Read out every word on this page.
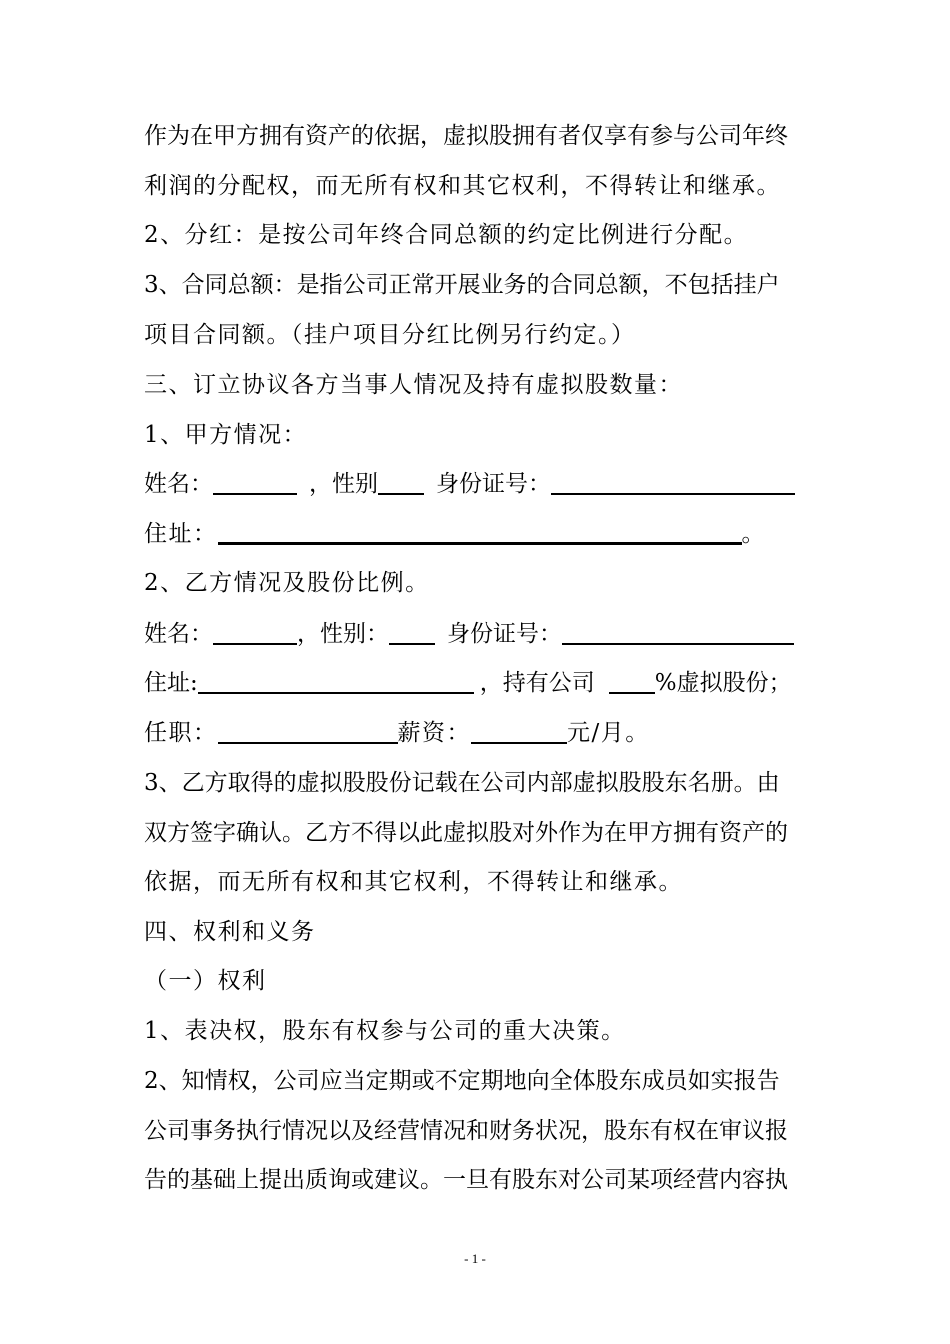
作为在甲方拥有资产的依据，虚拟股拥有者仅享有参与公司年终
利润的分配权，而无所有权和其它权利，不得转让和继承。
2、分红：是按公司年终合同总额的约定比例进行分配。
3、合同总额：是指公司正常开展业务的合同总额，不包括挂户
项目合同额。（挂户项目分红比例另行约定。）
三、订立协议各方当事人情况及持有虚拟股数量：
1、甲方情况：
姓名：	，性别	身份证号：
住址：	。
2、乙方情况及股份比例。
姓名：	，性别：	身份证号：
住址:	，持有公司	%虚拟股份；
任职：	薪资：	元/月。
3、乙方取得的虚拟股股份记载在公司内部虚拟股股东名册。由
双方签字确认。乙方不得以此虚拟股对外作为在甲方拥有资产的
依据，而无所有权和其它权利，不得转让和继承。
四、权利和义务
（一）权利
1、表决权，股东有权参与公司的重大决策。
2、知情权，公司应当定期或不定期地向全体股东成员如实报告
公司事务执行情况以及经营情况和财务状况，股东有权在审议报
告的基础上提出质询或建议。一旦有股东对公司某项经营内容执
- 1 -
